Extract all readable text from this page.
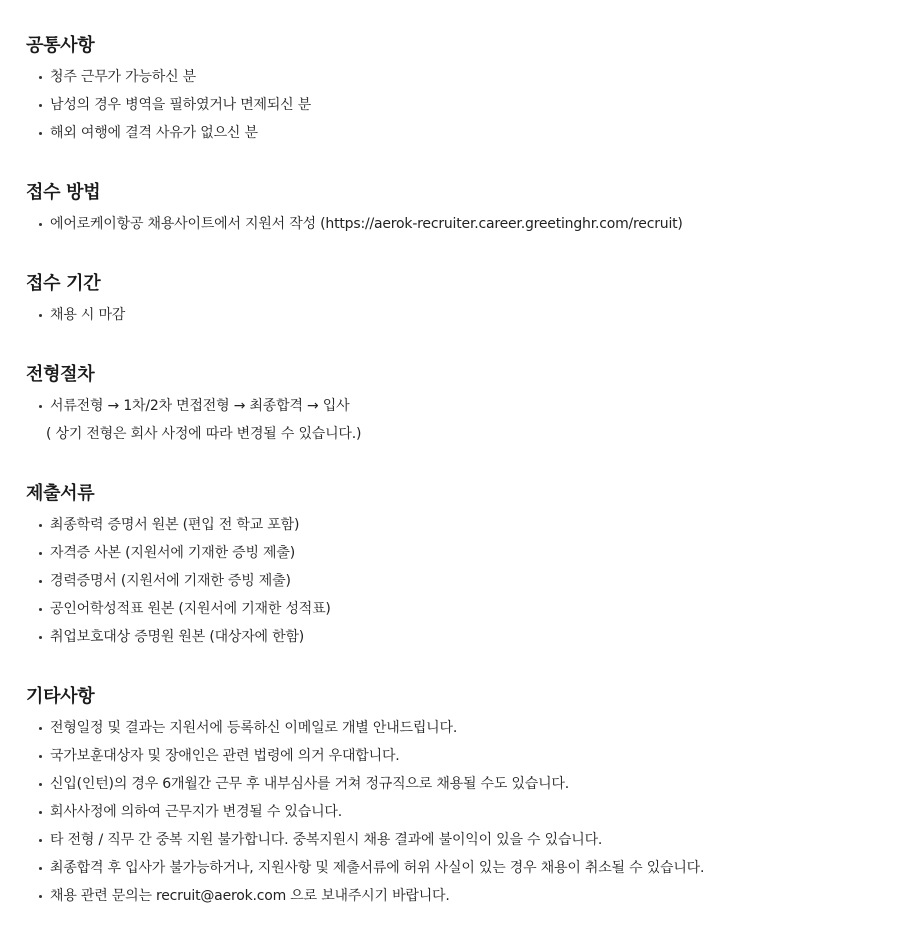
공통사항
청주 근무가 가능하신 분
남성의 경우 병역을 필하였거나 면제되신 분
해외 여행에 결격 사유가 없으신 분
접수 방법
에어로케이항공 채용사이트에서 지원서 작성 (https://aerok-recruiter.career.greetinghr.com/recruit)
접수 기간
채용 시 마감
전형절차
서류전형 → 1차/2차 면접전형 → 최종합격 → 입사
( 상기 전형은 회사 사정에 따라 변경될 수 있습니다.)
제출서류
최종학력 증명서 원본 (편입 전 학교 포함)
자격증 사본 (지원서에 기재한 증빙 제출)
경력증명서 (지원서에 기재한 증빙 제출)
공인어학성적표 원본 (지원서에 기재한 성적표)
취업보호대상 증명원 원본 (대상자에 한함)
기타사항
전형일정 및 결과는 지원서에 등록하신 이메일로 개별 안내드립니다.
국가보훈대상자 및 장애인은 관련 법령에 의거 우대합니다.
신입(인턴)의 경우 6개월간 근무 후 내부심사를 거쳐 정규직으로 채용될 수도 있습니다.
회사사정에 의하여 근무지가 변경될 수 있습니다.
타 전형 / 직무 간 중복 지원 불가합니다. 중복지원시 채용 결과에 불이익이 있을 수 있습니다.
최종합격 후 입사가 불가능하거나, 지원사항 및 제출서류에 허위 사실이 있는 경우 채용이 취소될 수 있습니다.
채용 관련 문의는 recruit@aerok.com 으로 보내주시기 바랍니다.
